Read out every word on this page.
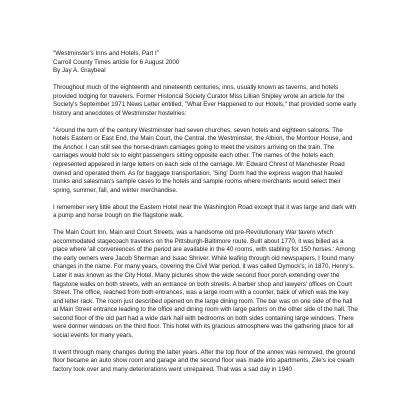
"Westminster's Inns and Hotels, Part I"

Carroll County Times article for 6 August 2000

By Jay A. Graybeal

Throughout much of the eighteenth and nineteenth centuries, inns, usually known as taverns, and hotels provided lodging for travelers. Former Historical Society Curator Miss Lillian Shipley wrote an article for the Society's September 1971 News Letter entitled, "What Ever Happened to our Hotels," that provided some early history and anecdotes of Westminster hostelries:

"Around the turn of the century Westminster had seven churches, seven hotels and eighteen saloons. The hotels Eastern or East End, the Main Court, the Central, the Westminster, the Albion, the Montour House, and the Anchor. I can still see the horse-drawn carriages going to meet the visitors arriving on the train. The carriages would hold six to eight passengers sitting opposite each other. The names of the hotels each represented appeared in large letters on each side of the carriage. Mr. Edward Chrest of Manchester Road owned and operated them. As for baggage transportation, 'Sing' Dorm had the express wagon that hauled trunks and salesman's sample cases to the hotels and sample rooms where merchants would select their spring, summer, fall, and winter merchandise.

I remember very little about the Eastern Hotel near the Washington Road except that it was large and dark with a pump and horse trough on the flagstone walk.

The Main Court Inn, Main and Court Streets, was a handsome old pre-Revolutionary War tavern which accommodated stagecoach travelers on the Pittsburgh-Baltimore route. Built about 1770, it was billed as a place where 'all conveniences of the period are available in the 40 rooms, with stabling for 150 horses.' Among the early owners were Jacob Sherman and Isaac Shriver. While leafing through old newspapers, I found many changes in the name. For many years, covering the Civil War period, it was called Dymock's; in 1870, Henry's. Later it was known as the City Hotel. Many pictures show the wide second floor porch extending over the flagstone walks on both streets, with an entrance on both streets. A barber shop and lawyers' offices on Court Street. The office, reached from both entrances, was a large room with a counter, back of which was the key and letter rack. The room just described opened on the large dining room. The bar was on one side of the hall at Main Street entrance leading to the office and dining room with large parlors on the other side of the hall. The second floor of the old part had a wide dark hall with bedrooms on both sides containing large windows. There were dormer windows on the third floor. This hotel with its gracious atmosphere was the gathering place for all social events for many years.

It went through many changes during the latter years. After the top floor of the annex was removed, the ground floor became an auto show room and garage and the second floor was made into apartments, Zile's ice cream factory took over and many deteriorations went unrepaired. That was a sad day in 1940
